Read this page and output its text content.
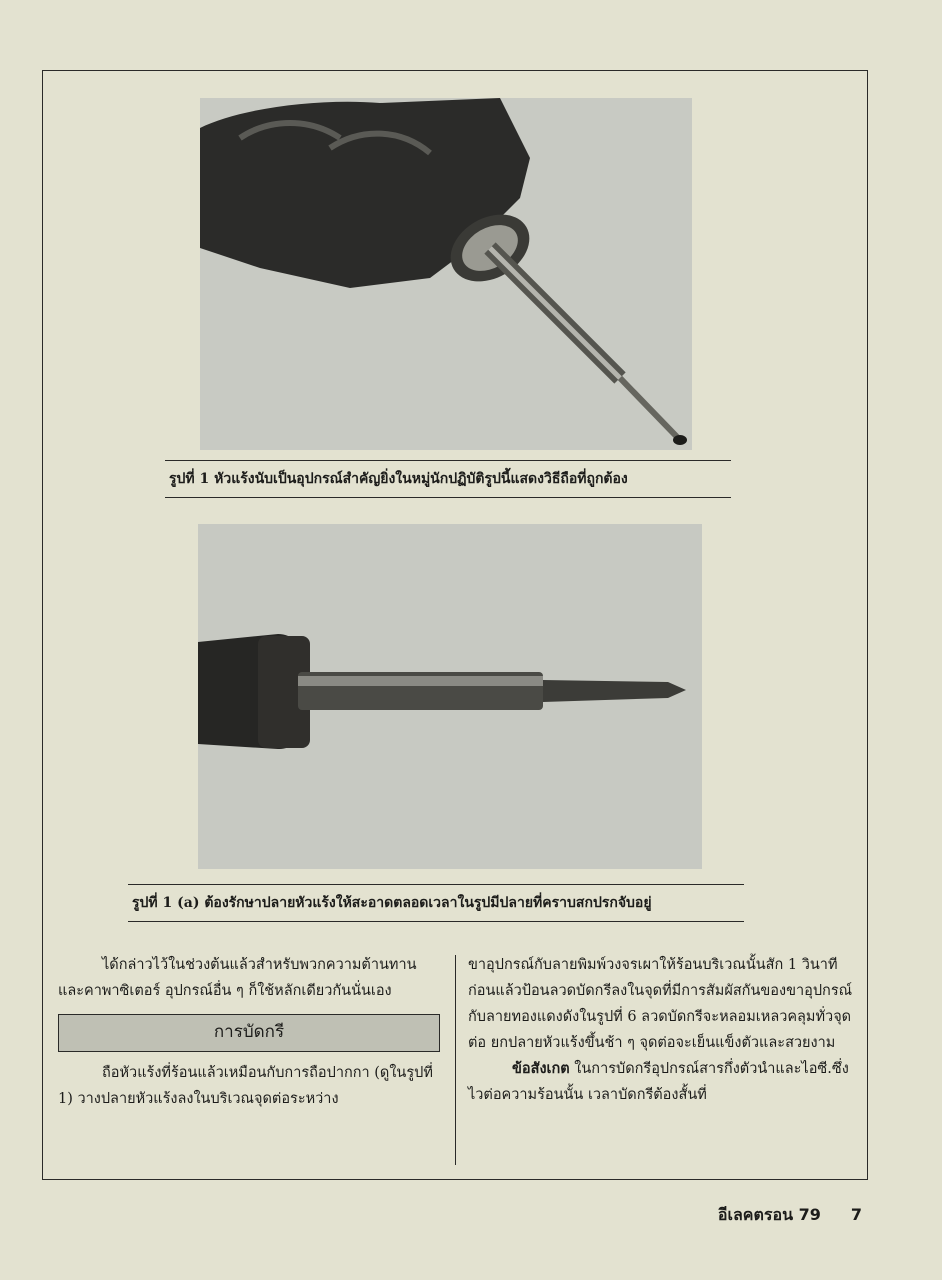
รูปที่ 1 หัวแร้งนับเป็นอุปกรณ์สำคัญยิ่งในหมู่นักปฏิบัติรูปนี้แสดงวิธีถือที่ถูกต้อง
รูปที่ 1 (a) ต้องรักษาปลายหัวแร้งให้สะอาดตลอดเวลาในรูปมีปลายที่คราบสกปรกจับอยู่

ได้กล่าวไว้ในช่วงต้นแล้วสำหรับพวกความต้านทานและคาพาซิเตอร์ อุปกรณ์อื่น ๆ ก็ใช้หลักเดียวกันนั่นเอง

การบัดกรี

ถือหัวแร้งที่ร้อนแล้วเหมือนกับการถือปากกา (ดูในรูปที่ 1) วางปลายหัวแร้งลงในบริเวณจุดต่อระหว่าง

ขาอุปกรณ์กับลายพิมพ์วงจรเผาให้ร้อนบริเวณนั้นสัก 1 วินาทีก่อนแล้วป้อนลวดบัดกรีลงในจุดที่มีการสัมผัสกันของขาอุปกรณ์กับลายทองแดงดังในรูปที่ 6 ลวดบัดกรีจะหลอมเหลวคลุมทั่วจุดต่อ ยกปลายหัวแร้งขึ้นช้า ๆ จุดต่อจะเย็นแข็งตัวและสวยงาม

ข้อสังเกต ในการบัดกรีอุปกรณ์สารกึ่งตัวนำและไอซี.ซึ่งไวต่อความร้อนนั้น เวลาบัดกรีต้องสั้นที่

อีเลคตรอน 79 7
